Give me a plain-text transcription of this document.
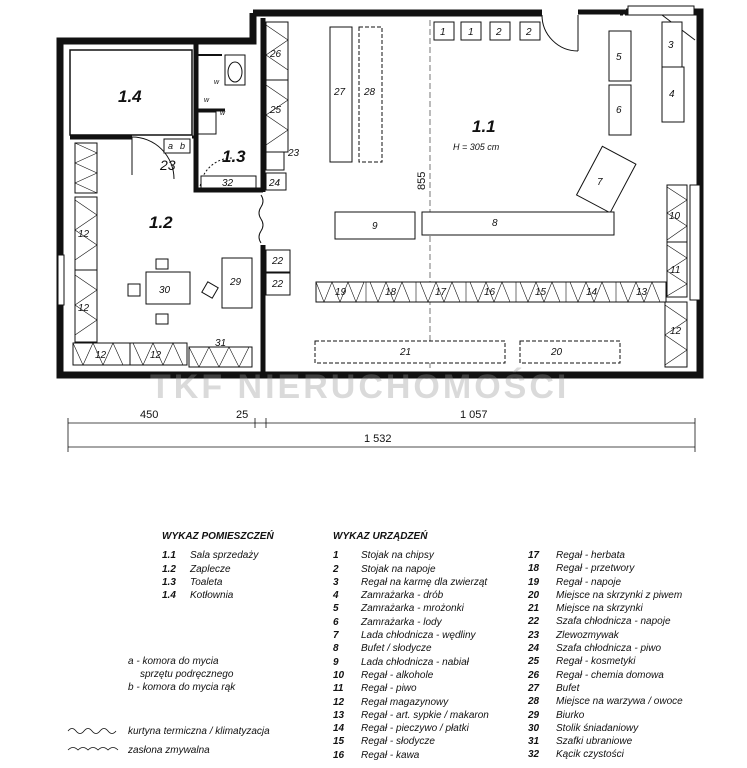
1.4
1.1
H = 305 cm
1.2
1.3
1 1 2 2
3
4
5
6
7
8
9
10
11
12
13
14
15
16
17
18
19
20
21
22
22
23
23
24
25
26
27 28
29
30
31
32
12
12
12	12
a b
w
w
w
855
450	25	1 057
1 532
TKF NIERUCHOMOŚCI
WYKAZ POMIESZCZEŃ
1.1	Sala sprzedaży
1.2	Zaplecze
1.3	Toaleta
1.4	Kotłownia
a - komora do mycia
sprzętu podręcznego
b - komora do mycia rąk
kurtyna termiczna / klimatyzacja
zasłona zmywalna
WYKAZ URZĄDZEŃ
1	Stojak na chipsy
2	Stojak na napoje
3	Regał na karmę dla zwierząt
4	Zamrażarka - drób
5	Zamrażarka - mrożonki
6	Zamrażarka - lody
7	Lada chłodnicza - wędliny
8	Bufet / słodycze
9	Lada chłodnicza - nabiał
10	Regał - alkohole
11	Regał - piwo
12	Regał magazynowy
13	Regał - art. sypkie / makaron
14	Regał - pieczywo / płatki
15	Regał - słodycze
16	Regał - kawa
17	Regał - herbata
18	Regał - przetwory
19	Regał - napoje
20	Miejsce na skrzynki z piwem
21	Miejsce na skrzynki
22	Szafa chłodnicza - napoje
23	Zlewozmywak
24	Szafa chłodnicza - piwo
25	Regał - kosmetyki
26	Regał - chemia domowa
27	Bufet
28	Miejsce na warzywa / owoce
29	Biurko
30	Stolik śniadaniowy
31	Szafki ubraniowe
32	Kącik czystości
